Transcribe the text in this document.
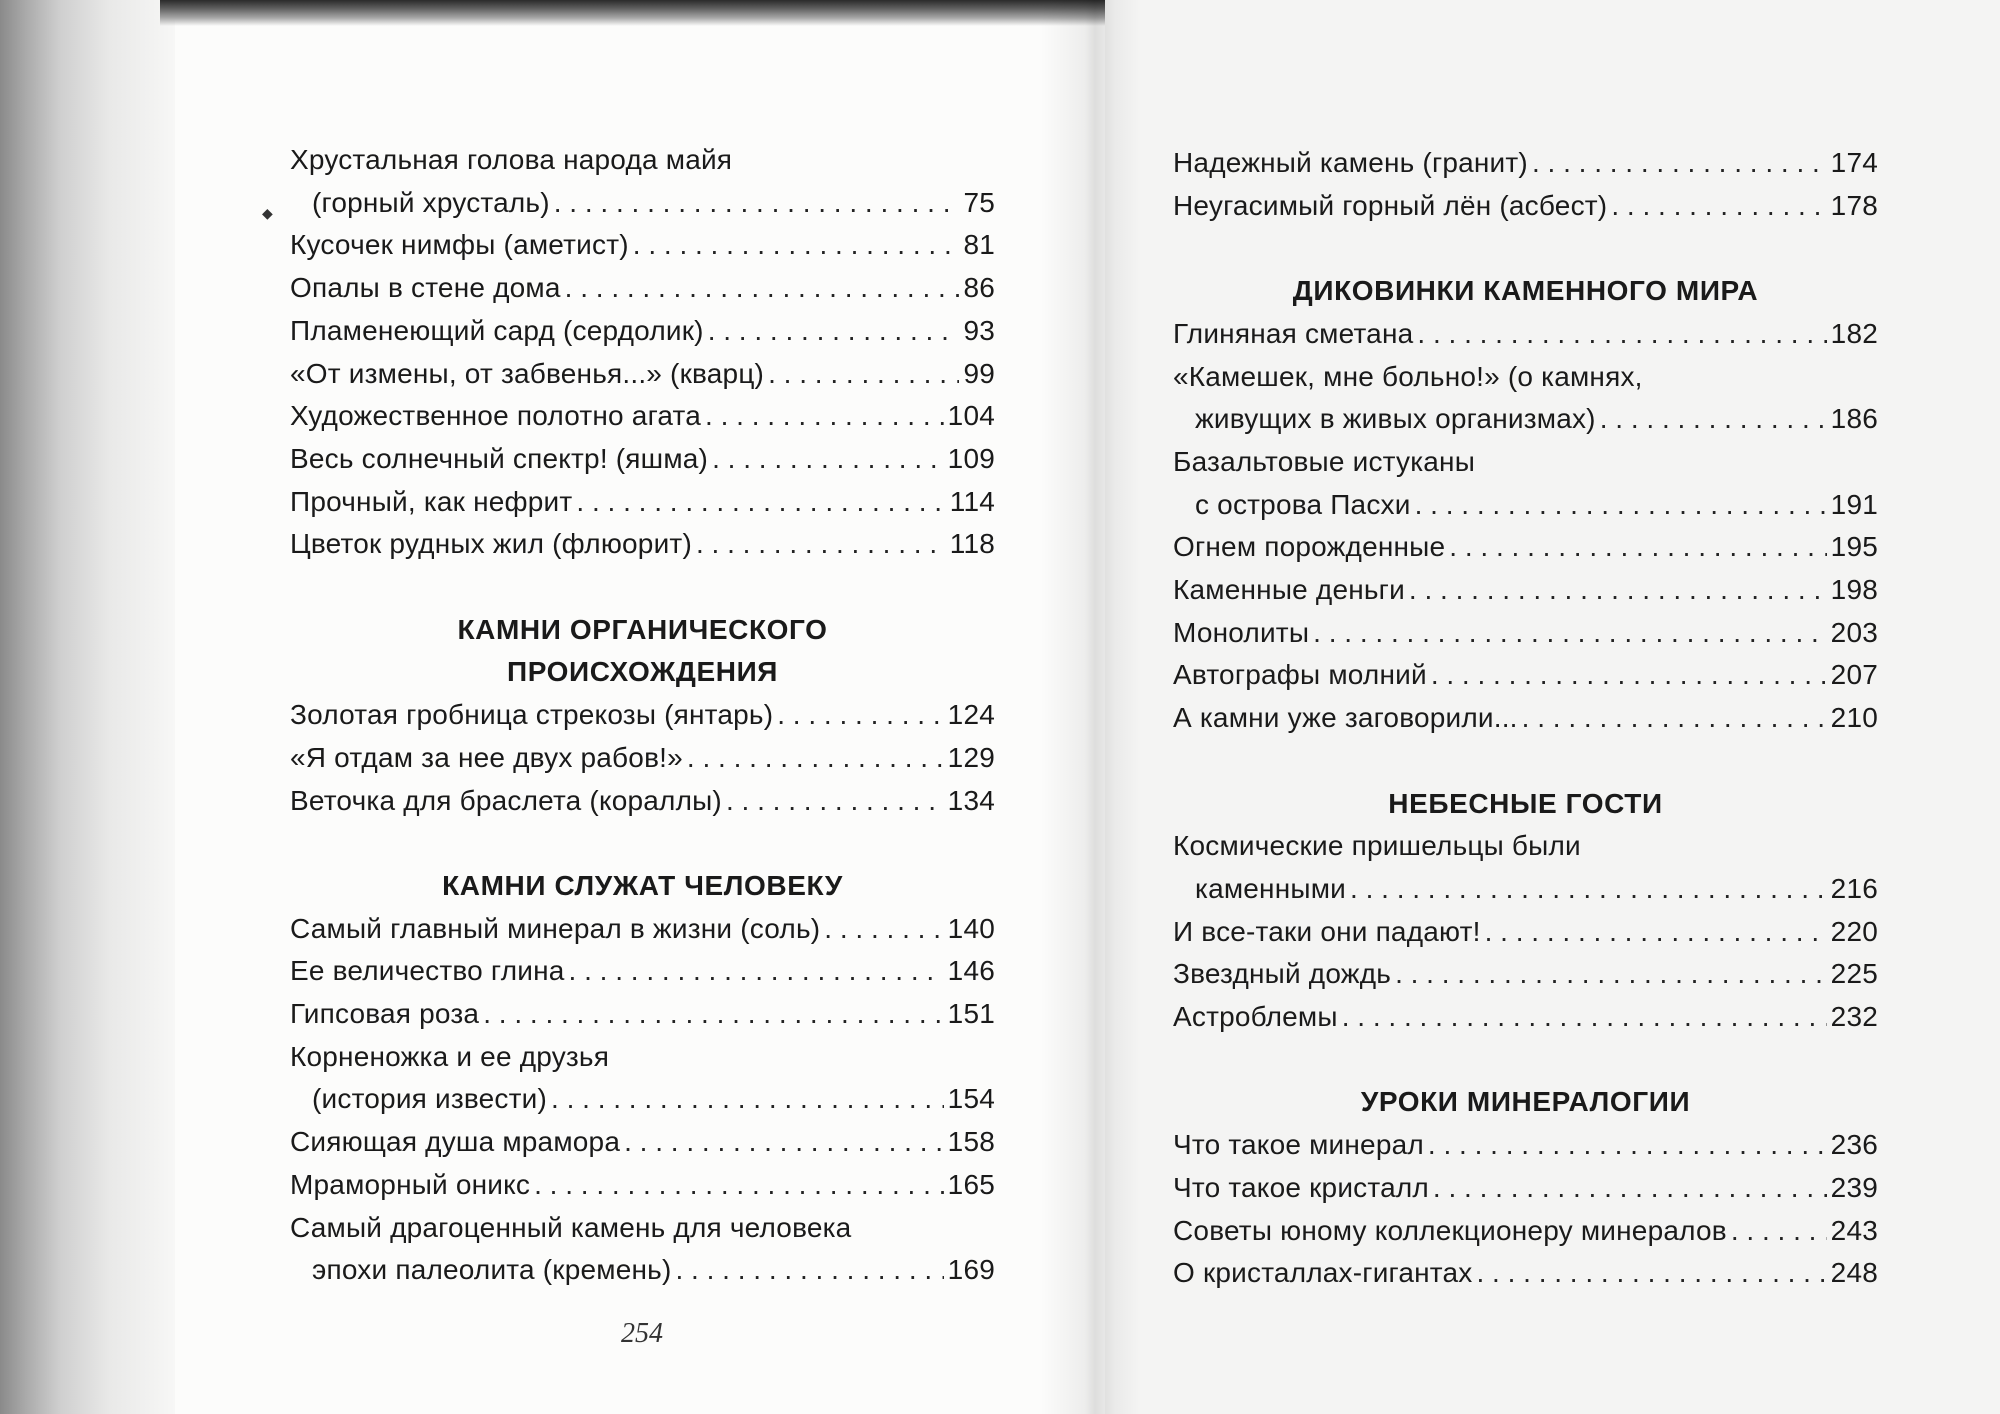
◆
Хрустальная голова народа майя
(горный хрусталь) . . .	75
Кусочек нимфы (аметист) . . .	81
Опалы в стене дома . . .	86
Пламенеющий сард (сердолик) . . .	93
«От измены, от забвенья...» (кварц) . . .	99
Художественное полотно агата . . .	104
Весь солнечный спектр! (яшма) . . .	109
Прочный, как нефрит . . .	114
Цветок рудных жил (флюорит) . . .	118
КАМНИ ОРГАНИЧЕСКОГО
ПРОИСХОЖДЕНИЯ
Золотая гробница стрекозы (янтарь) . . .	124
«Я отдам за нее двух рабов!» . . .	129
Веточка для браслета (кораллы) . . .	134
КАМНИ СЛУЖАТ ЧЕЛОВЕКУ
Самый главный минерал в жизни (соль) . . .	140
Ее величество глина . . .	146
Гипсовая роза . . .	151
Корненожка и ее друзья
(история извести) . . .	154
Сияющая душа мрамора . . .	158
Мраморный оникс . . .	165
Самый драгоценный камень для человека
эпохи палеолита (кремень) . . .	169
Надежный камень (гранит) . . .	174
Неугасимый горный лён (асбест) . . .	178
ДИКОВИНКИ КАМЕННОГО МИРА
Глиняная сметана . . .	182
«Камешек, мне больно!» (о камнях,
живущих в живых организмах) . . .	186
Базальтовые истуканы
с острова Пасхи . . .	191
Огнем порожденные . . .	195
Каменные деньги . . .	198
Монолиты . . .	203
Автографы молний . . .	207
А камни уже заговорили... . . .	210
НЕБЕСНЫЕ ГОСТИ
Космические пришельцы были
каменными . . .	216
И все-таки они падают! . . .	220
Звездный дождь . . .	225
Астроблемы . . .	232
УРОКИ МИНЕРАЛОГИИ
Что такое минерал . . .	236
Что такое кристалл . . .	239
Советы юному коллекционеру минералов . . .	243
О кристаллах-гигантах . . .	248
254
